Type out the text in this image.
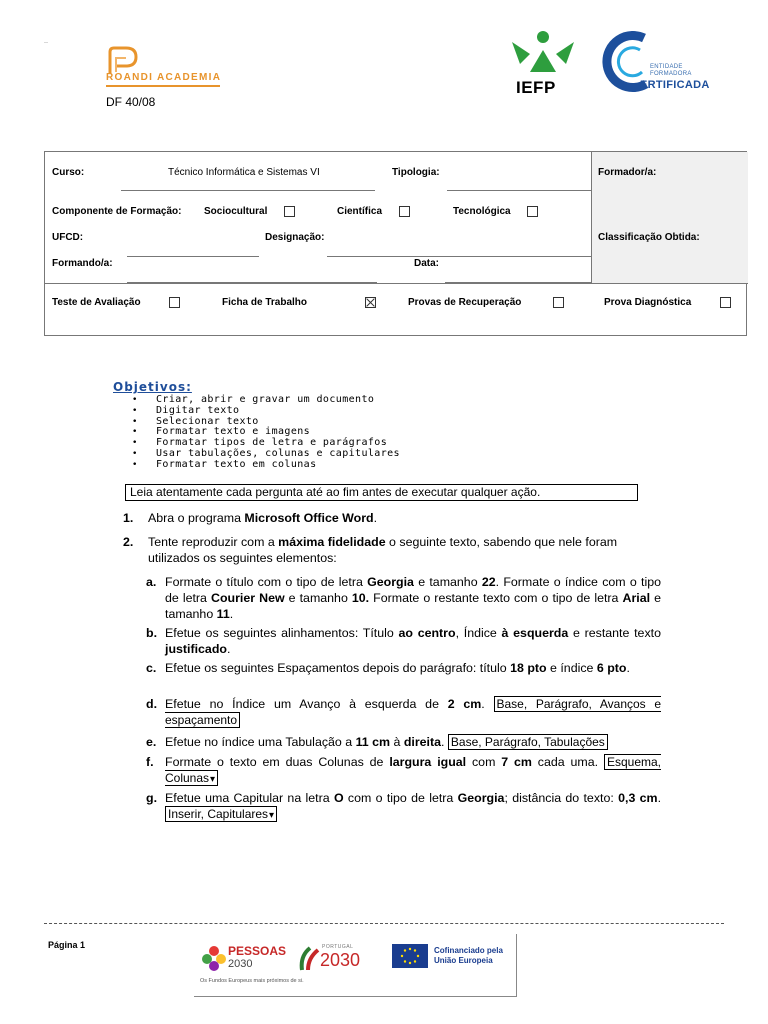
--
ROANDI ACADEMIA
DF 40/08
IEFP
ENTIDADE
FORMADORA
ERTIFICADA
Curso:	Técnico Informática e Sistemas VI	Tipologia:	Formador/a:
Componente de Formação: Sociocultural	Científica	Tecnológica
UFCD:	Designação:	Classificação Obtida:
Formando/a:	Data:
Teste de Avaliação	Ficha de Trabalho	Provas de Recuperação	Prova Diagnóstica
Objetivos:
• Criar, abrir e gravar um documento
• Digitar texto
• Selecionar texto
• Formatar texto e imagens
• Formatar tipos de letra e parágrafos
• Usar tabulações, colunas e capitulares
• Formatar texto em colunas
Leia atentamente cada pergunta até ao fim antes de executar qualquer ação.
1. Abra o programa Microsoft Office Word.
2. Tente reproduzir com a máxima fidelidade o seguinte texto, sabendo que nele foram utilizados os seguintes elementos:
a. Formate o título com o tipo de letra Georgia e tamanho 22. Formate o índice com o tipo de letra Courier New e tamanho 10. Formate o restante texto com o tipo de letra Arial e tamanho 11.
b. Efetue os seguintes alinhamentos: Título ao centro, Índice à esquerda e restante texto justificado.
c. Efetue os seguintes Espaçamentos depois do parágrafo: título 18 pto e índice 6 pto.
d. Efetue no Índice um Avanço à esquerda de 2 cm. Base, Parágrafo, Avanços e espaçamento
e. Efetue no índice uma Tabulação a 11 cm à direita. Base, Parágrafo, Tabulações
f. Formate o texto em duas Colunas de largura igual com 7 cm cada uma. Esquema, Colunas ▾
g. Efetue uma Capitular na letra O com o tipo de letra Georgia; distância do texto: 0,3 cm. Inserir, Capitulares ▾
Página 1	PESSOAS
2030
PORTUGAL
2030	Cofinanciado pela
União Europeia
Os Fundos Europeus mais próximos de si.
